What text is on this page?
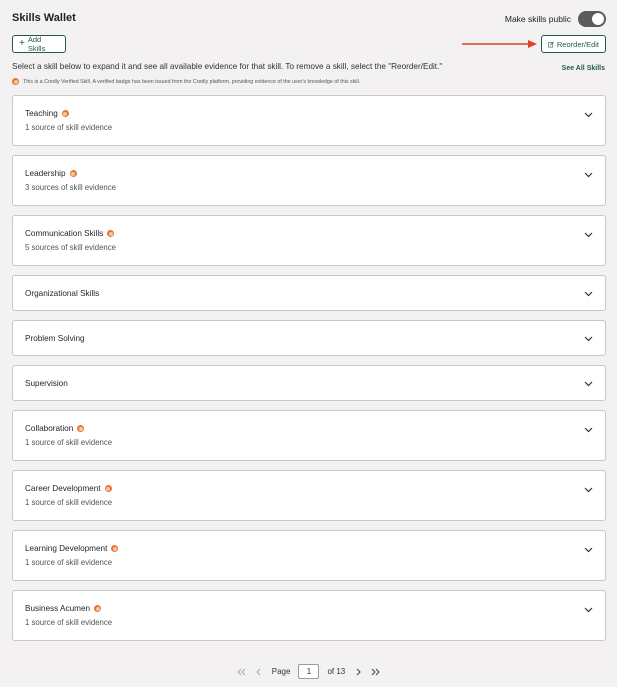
Skills Wallet	Make skills public
+ Add Skills	Reorder/Edit
Select a skill below to expand it and see all available evidence for that skill. To remove a skill, select the "Reorder/Edit."	See All Skills
This is a Credly Verified Skill. A verified badge has been issued from the Credly platform, providing evidence of the user's knowledge of this skill.
Teaching
1 source of skill evidence
Leadership
3 sources of skill evidence
Communication Skills
5 sources of skill evidence
Organizational Skills
Problem Solving
Supervision
Collaboration
1 source of skill evidence
Career Development
1 source of skill evidence
Learning Development
1 source of skill evidence
Business Acumen
1 source of skill evidence
Page	1	of 13
